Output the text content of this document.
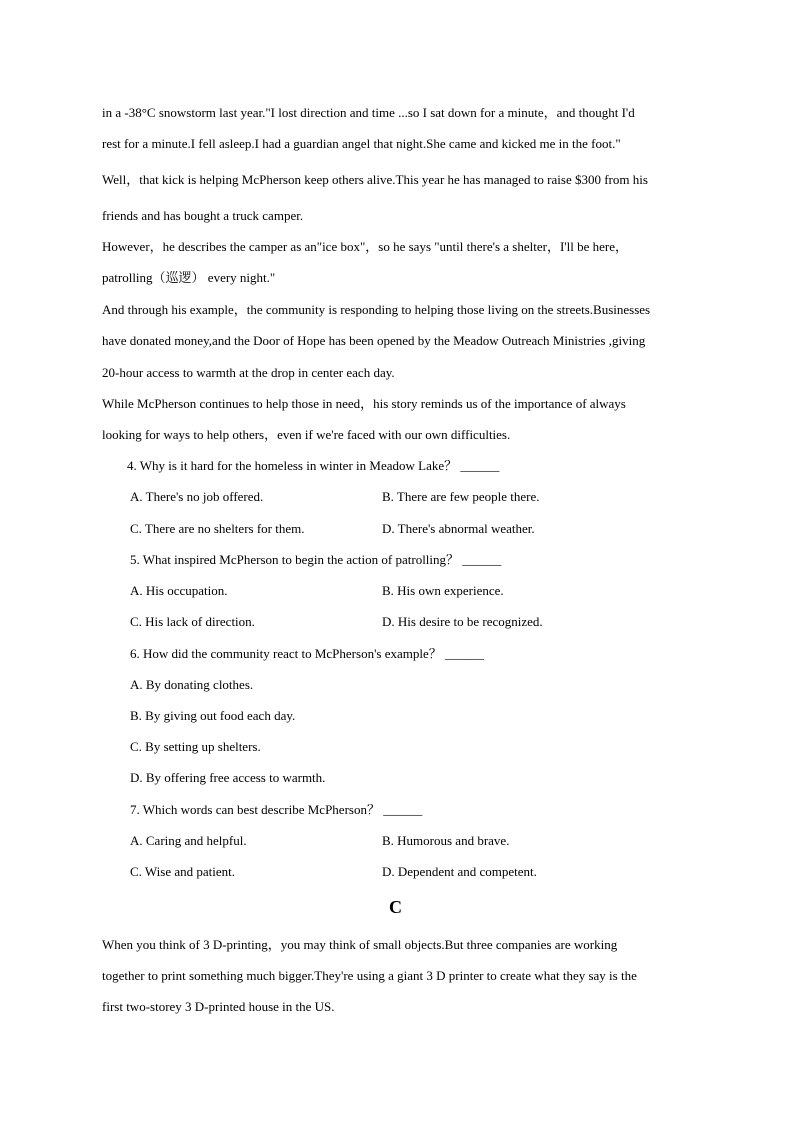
in a -38°C snowstorm last year."I lost direction and time ...so I sat down for a minute，and thought I'd
rest for a minute.I fell asleep.I had a guardian angel that night.She came and kicked me in the foot."
Well，that kick is helping McPherson keep others alive.This year he has managed to raise $300 from his
friends and has bought a truck camper.
However，he describes the camper as an"ice box"，so he says "until there's a shelter，I'll be here，
patrolling（巡逻） every night."
And through his example，the community is responding to helping those living on the streets.Businesses
have donated money,and the Door of Hope has been opened by the Meadow Outreach Ministries ,giving
20-hour access to warmth at the drop in center each day.
While McPherson continues to help those in need，his story reminds us of the importance of always
looking for ways to help others，even if we're faced with our own difficulties.
4. Why is it hard for the homeless in winter in Meadow Lake？ ______
A. There's no job offered.	B. There are few people there.
C. There are no shelters for them.	D. There's abnormal weather.
5. What inspired McPherson to begin the action of patrolling？ ______
A. His occupation.	B. His own experience.
C. His lack of direction.	D. His desire to be recognized.
6. How did the community react to McPherson's example？ ______
A. By donating clothes.
B. By giving out food each day.
C. By setting up shelters.
D. By offering free access to warmth.
7. Which words can best describe McPherson？ ______
A. Caring and helpful.	B. Humorous and brave.
C. Wise and patient.	D. Dependent and competent.
C
When you think of 3 D-printing，you may think of small objects.But three companies are working
together to print something much bigger.They're using a giant 3 D printer to create what they say is the
first two-storey 3 D-printed house in the US.
